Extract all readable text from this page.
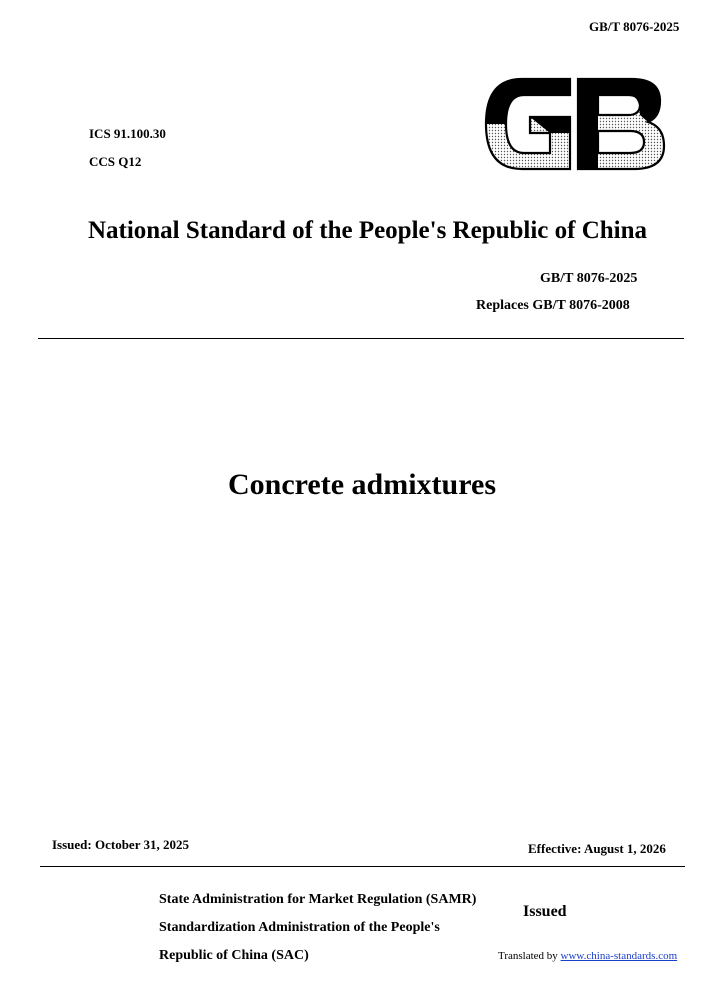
GB/T 8076-2025
ICS 91.100.30
CCS Q12
National Standard of the People's Republic of China
GB/T 8076-2025
Replaces GB/T 8076-2008
Concrete admixtures
Issued: October 31, 2025	Effective: August 1, 2026
State Administration for Market Regulation (SAMR)
Standardization Administration of the People's
Republic of China (SAC)
Issued
Translated by www.china-standards.com
